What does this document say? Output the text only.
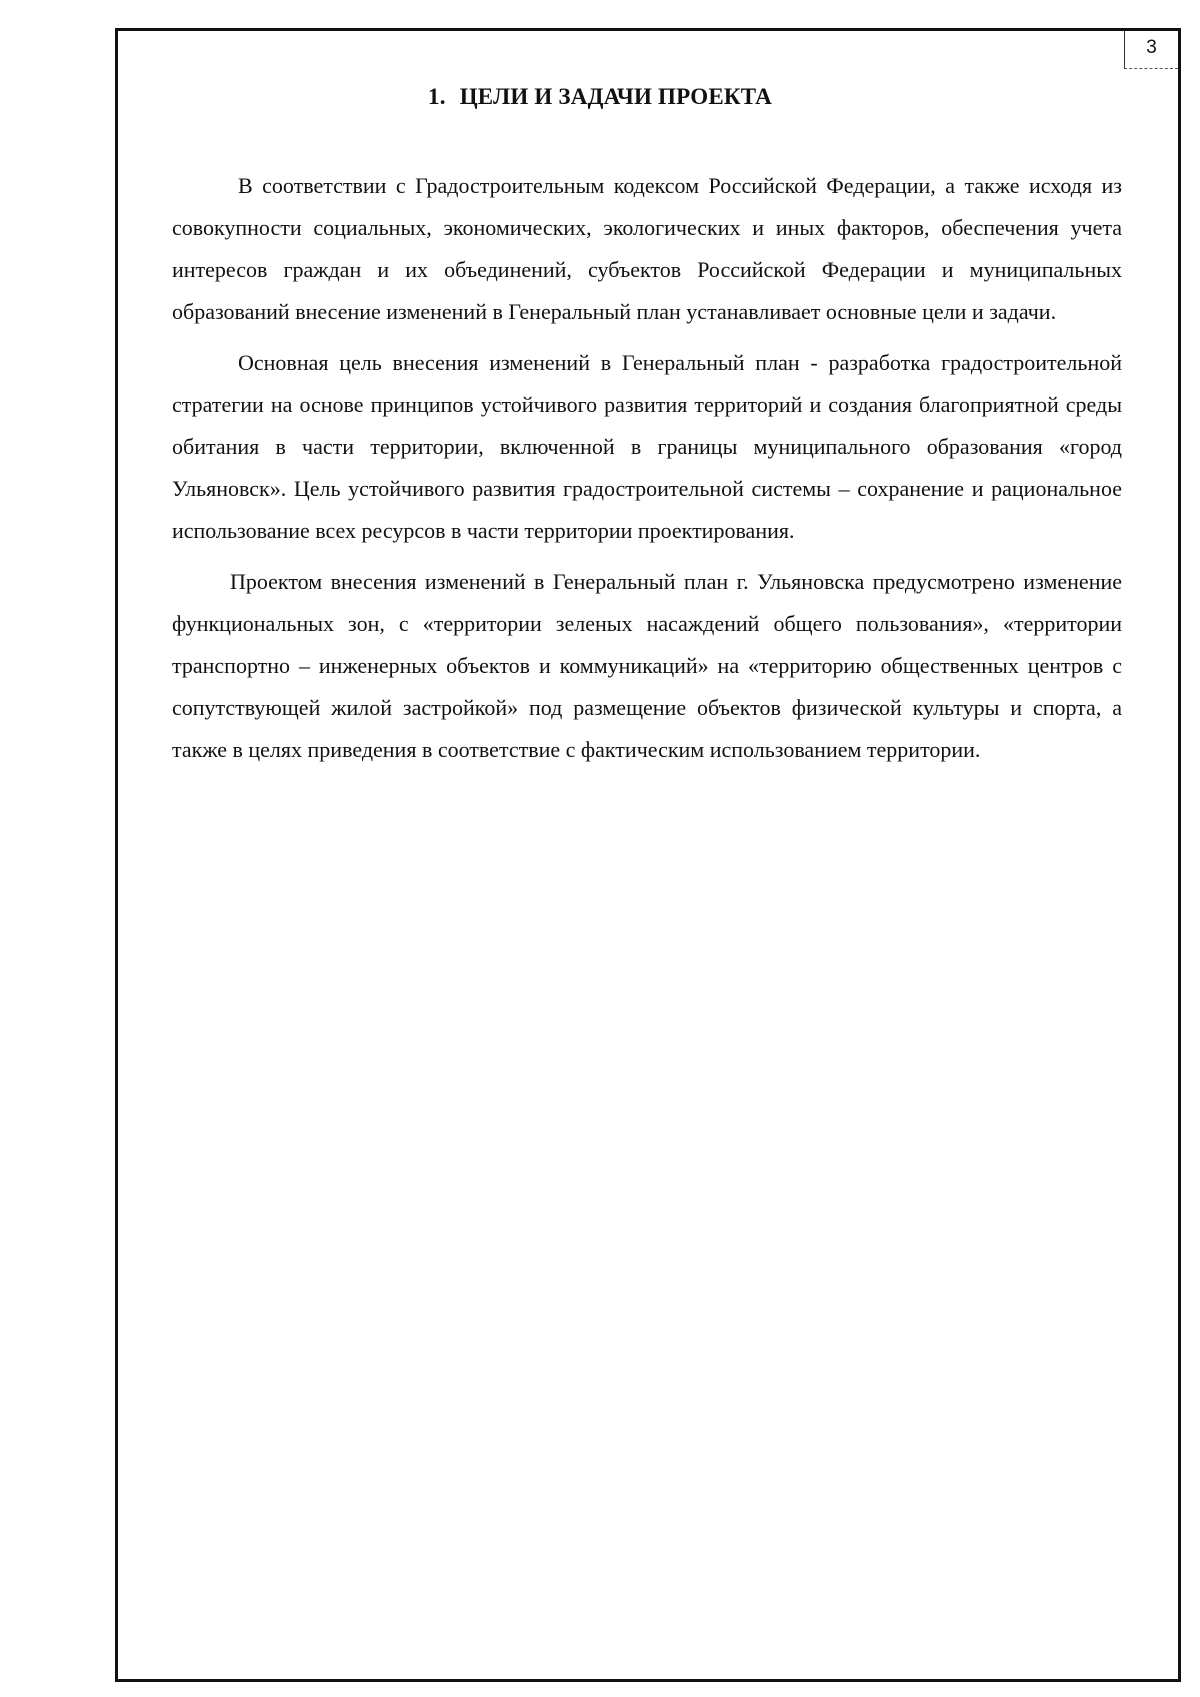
3
1. ЦЕЛИ И ЗАДАЧИ ПРОЕКТА

В соответствии с Градостроительным кодексом Российской Федерации, а также исходя из совокупности социальных, экономических, экологических и иных факторов, обеспечения учета интересов граждан и их объединений, субъектов Российской Федерации и муниципальных образований внесение изменений в Генеральный план устанавливает основные цели и задачи.

Основная цель внесения изменений в Генеральный план - разработка градостроительной стратегии на основе принципов устойчивого развития территорий и создания благоприятной среды обитания в части территории, включенной в границы муниципального образования «город Ульяновск». Цель устойчивого развития градостроительной системы – сохранение и рациональное использование всех ресурсов в части территории проектирования.

Проектом внесения изменений в Генеральный план г. Ульяновска предусмотрено изменение функциональных зон, с «территории зеленых насаждений общего пользования», «территории транспортно – инженерных объектов и коммуникаций» на «территорию общественных центров с сопутствующей жилой застройкой» под размещение объектов физической культуры и спорта, а также в целях приведения в соответствие с фактическим использованием территории.
